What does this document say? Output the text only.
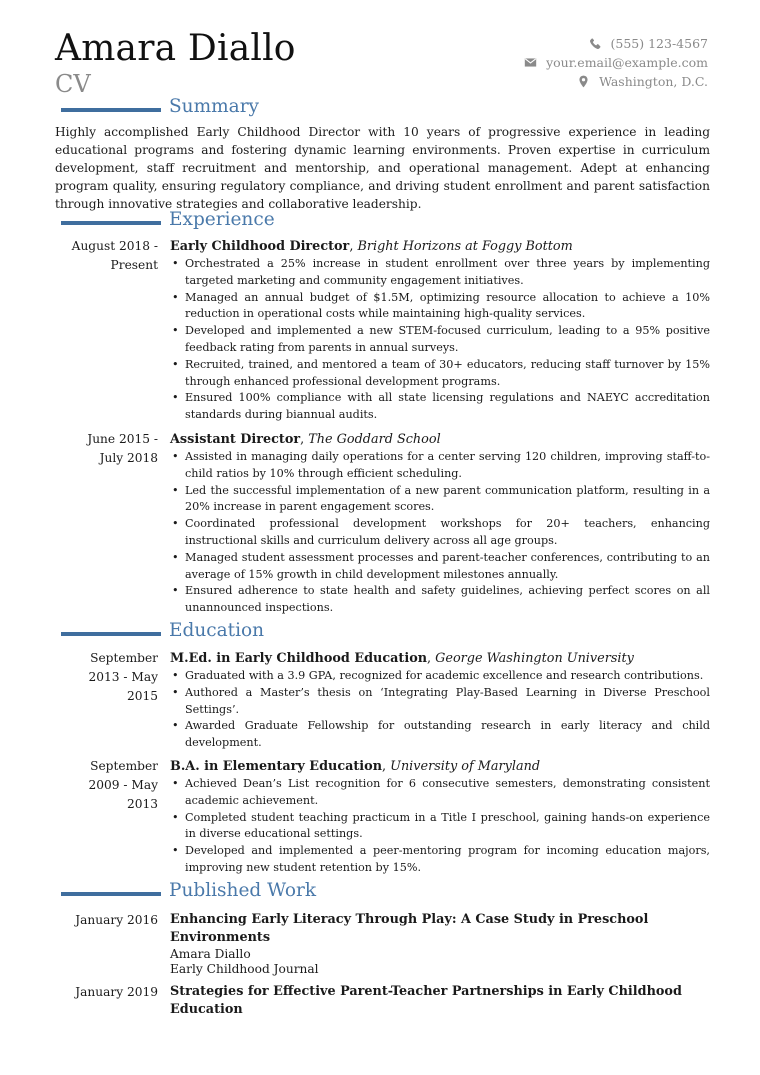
Amara Diallo
CV
(555) 123-4567
your.email@example.com
Washington, D.C.
Summary
Highly accomplished Early Childhood Director with 10 years of progressive experience in leading educational programs and fostering dynamic learning environments. Proven expertise in curriculum development, staff recruitment and mentorship, and operational management. Adept at enhancing program quality, ensuring regulatory compliance, and driving student enrollment and parent satisfaction through innovative strategies and collaborative leadership.
Experience
August 2018 -
Present
Early Childhood Director, Bright Horizons at Foggy Bottom
• Orchestrated a 25% increase in student enrollment over three years by implementing targeted marketing and community engagement initiatives.
• Managed an annual budget of $1.5M, optimizing resource allocation to achieve a 10% reduction in operational costs while maintaining high-quality services.
• Developed and implemented a new STEM-focused curriculum, leading to a 95% positive feedback rating from parents in annual surveys.
• Recruited, trained, and mentored a team of 30+ educators, reducing staff turnover by 15% through enhanced professional development programs.
• Ensured 100% compliance with all state licensing regulations and NAEYC accreditation standards during biannual audits.
June 2015 -
July 2018
Assistant Director, The Goddard School
• Assisted in managing daily operations for a center serving 120 children, improving staff-to-child ratios by 10% through efficient scheduling.
• Led the successful implementation of a new parent communication platform, resulting in a 20% increase in parent engagement scores.
• Coordinated professional development workshops for 20+ teachers, enhancing instructional skills and curriculum delivery across all age groups.
• Managed student assessment processes and parent-teacher conferences, contributing to an average of 15% growth in child development milestones annually.
• Ensured adherence to state health and safety guidelines, achieving perfect scores on all unannounced inspections.
Education
September
2013 - May
2015
M.Ed. in Early Childhood Education, George Washington University
• Graduated with a 3.9 GPA, recognized for academic excellence and research contributions.
• Authored a Master’s thesis on ‘Integrating Play-Based Learning in Diverse Preschool Settings’.
• Awarded Graduate Fellowship for outstanding research in early literacy and child development.
September
2009 - May
2013
B.A. in Elementary Education, University of Maryland
• Achieved Dean’s List recognition for 6 consecutive semesters, demonstrating consistent academic achievement.
• Completed student teaching practicum in a Title I preschool, gaining hands-on experience in diverse educational settings.
• Developed and implemented a peer-mentoring program for incoming education majors, improving new student retention by 15%.
Published Work
January 2016 Enhancing Early Literacy Through Play: A Case Study in Preschool Environments
Amara Diallo
Early Childhood Journal
January 2019 Strategies for Effective Parent-Teacher Partnerships in Early Childhood Education
